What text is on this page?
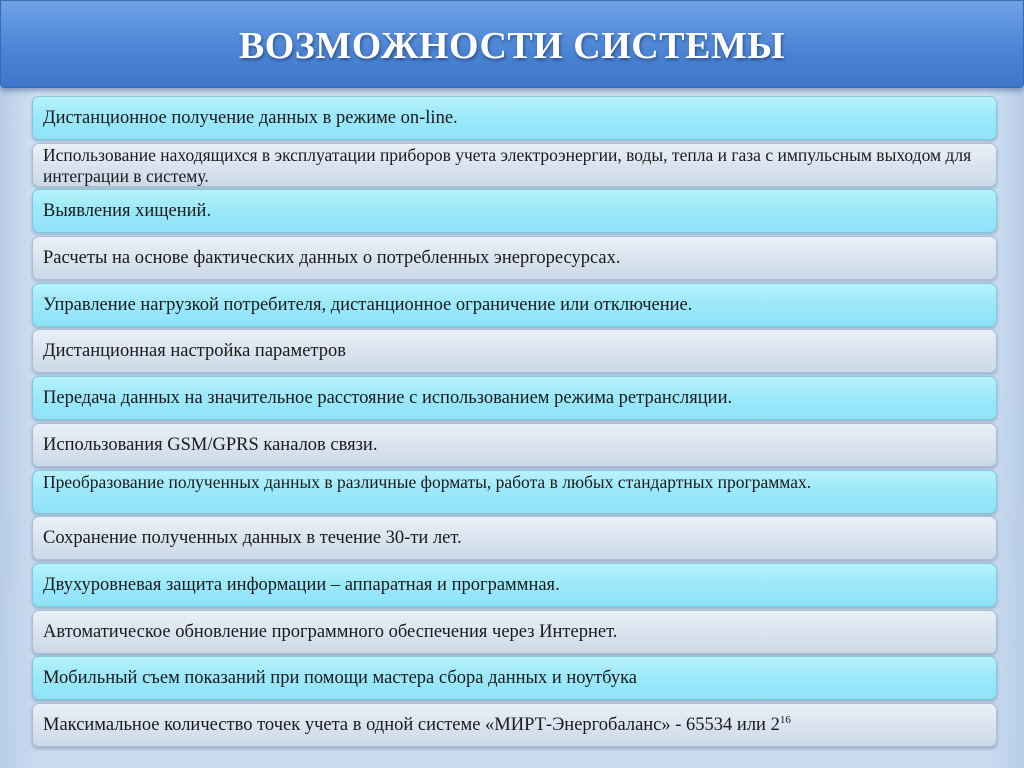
ВОЗМОЖНОСТИ СИСТЕМЫ
Дистанционное получение данных в режиме on-line.
Использование находящихся в эксплуатации приборов учета электроэнергии, воды, тепла и газа с импульсным выходом для интеграции в систему.
Выявления хищений.
Расчеты на основе фактических данных о потребленных энергоресурсах.
Управление нагрузкой потребителя, дистанционное ограничение или отключение.
Дистанционная настройка параметров
Передача данных на значительное расстояние с использованием режима ретрансляции.
Использования GSM/GPRS каналов связи.
Преобразование полученных данных в различные форматы, работа в любых стандартных программах.
Сохранение полученных данных в течение 30-ти лет.
Двухуровневая защита информации – аппаратная и программная.
Автоматическое обновление программного обеспечения через Интернет.
Мобильный съем показаний при помощи мастера сбора данных и ноутбука
Максимальное количество точек учета в одной системе «МИРТ-Энергобаланс» - 65534 или $2^{16}$
